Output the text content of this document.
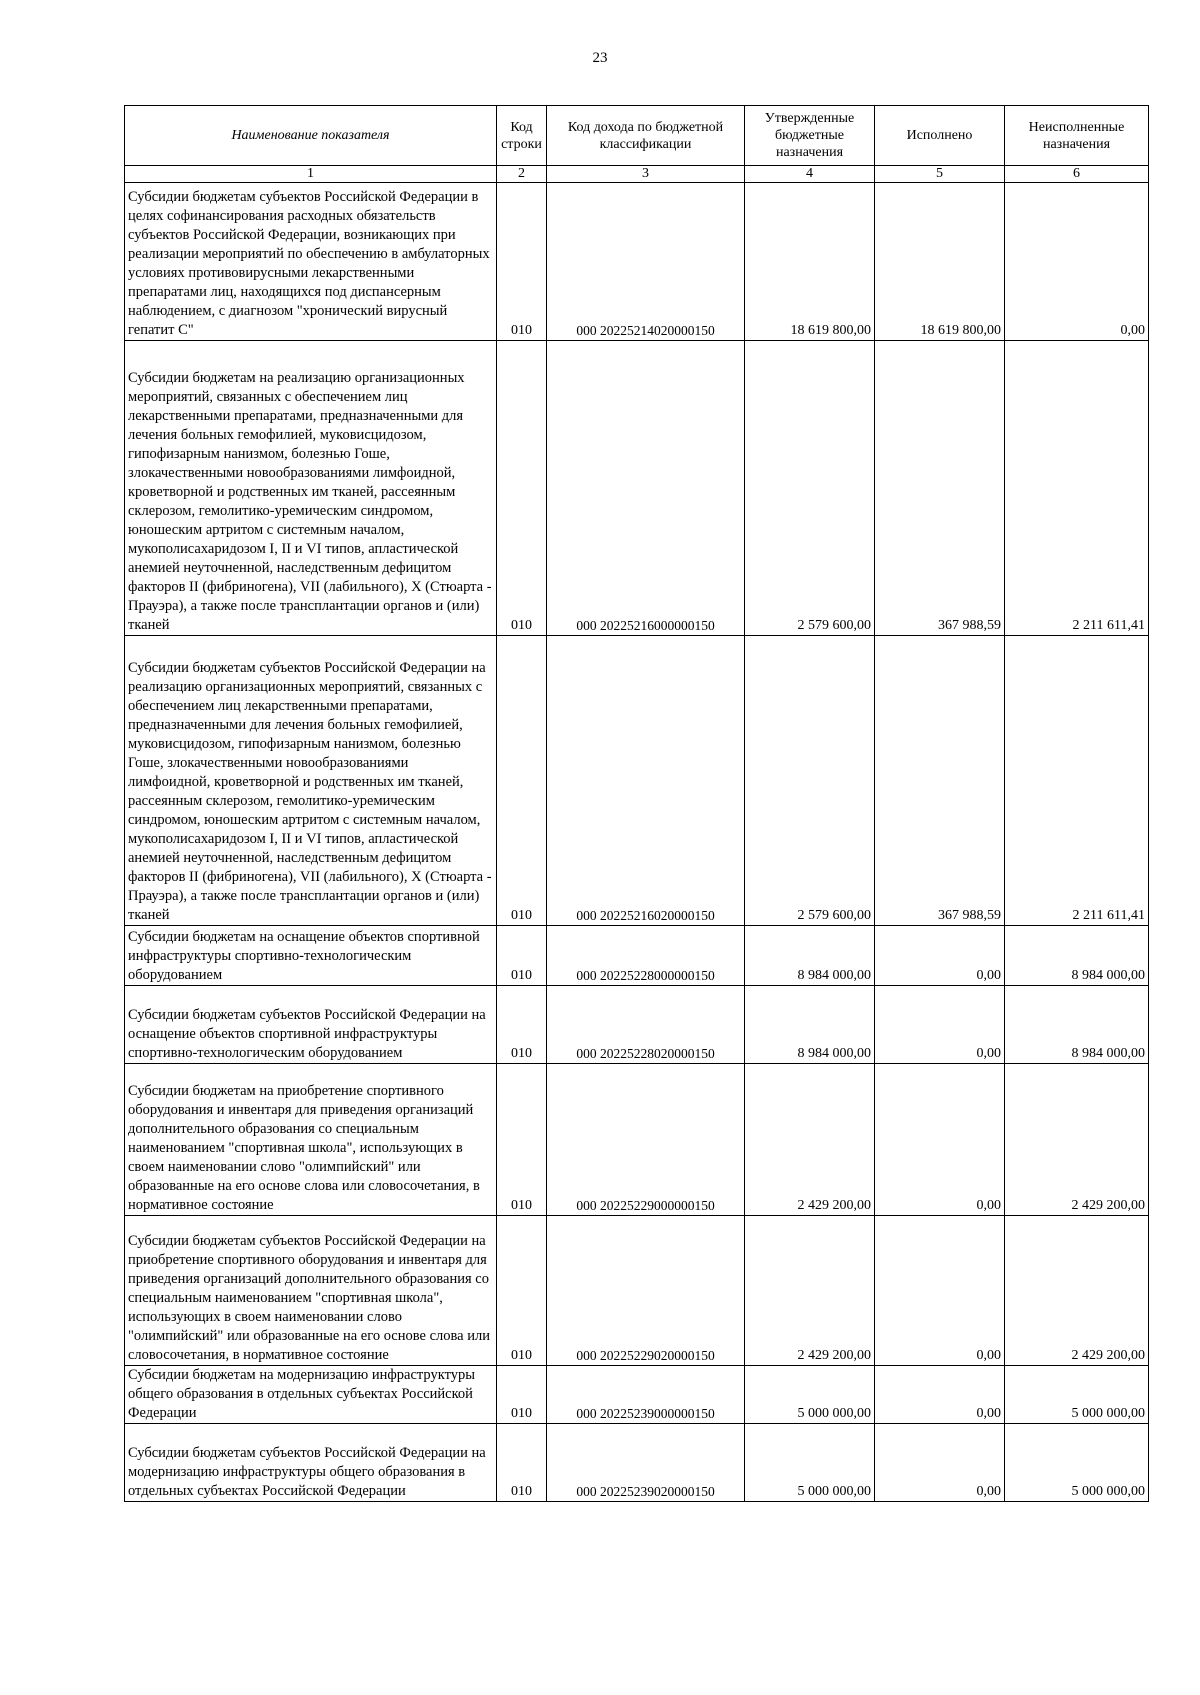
23
Наименование показателя	Код строки	Код дохода по бюджетной классификации	Утвержденные бюджетные назначения	Исполнено	Неисполненные назначения
1	2	3	4	5	6
Субсидии бюджетам субъектов Российской Федерации в целях софинансирования расходных обязательств субъектов Российской Федерации, возникающих при реализации мероприятий по обеспечению в амбулаторных условиях противовирусными лекарственными препаратами лиц, находящихся под диспансерным наблюдением, с диагнозом "хронический вирусный гепатит С"	010	000 20225214020000150	18 619 800,00	18 619 800,00	0,00
Субсидии бюджетам на реализацию организационных мероприятий, связанных с обеспечением лиц лекарственными препаратами, предназначенными для лечения больных гемофилией, муковисцидозом, гипофизарным нанизмом, болезнью Гоше, злокачественными новообразованиями лимфоидной, кроветворной и родственных им тканей, рассеянным склерозом, гемолитико-уремическим синдромом, юношеским артритом с системным началом, мукополисахаридозом I, II и VI типов, апластической анемией неуточненной, наследственным дефицитом факторов II (фибриногена), VII (лабильного), X (Стюарта - Прауэра), а также после трансплантации органов и (или) тканей	010	000 20225216000000150	2 579 600,00	367 988,59	2 211 611,41
Субсидии бюджетам субъектов Российской Федерации на реализацию организационных мероприятий, связанных с обеспечением лиц лекарственными препаратами, предназначенными для лечения больных гемофилией, муковисцидозом, гипофизарным нанизмом, болезнью Гоше, злокачественными новообразованиями лимфоидной, кроветворной и родственных им тканей, рассеянным склерозом, гемолитико-уремическим синдромом, юношеским артритом с системным началом, мукополисахаридозом I, II и VI типов, апластической анемией неуточненной, наследственным дефицитом факторов II (фибриногена), VII (лабильного), X (Стюарта - Прауэра), а также после трансплантации органов и (или) тканей	010	000 20225216020000150	2 579 600,00	367 988,59	2 211 611,41
Субсидии бюджетам на оснащение объектов спортивной инфраструктуры спортивно-технологическим оборудованием	010	000 20225228000000150	8 984 000,00	0,00	8 984 000,00
Субсидии бюджетам субъектов Российской Федерации на оснащение объектов спортивной инфраструктуры спортивно-технологическим оборудованием	010	000 20225228020000150	8 984 000,00	0,00	8 984 000,00
Субсидии бюджетам на приобретение спортивного оборудования и инвентаря для приведения организаций дополнительного образования со специальным наименованием "спортивная школа", использующих в своем наименовании слово "олимпийский" или образованные на его основе слова или словосочетания, в нормативное состояние	010	000 20225229000000150	2 429 200,00	0,00	2 429 200,00
Субсидии бюджетам субъектов Российской Федерации на приобретение спортивного оборудования и инвентаря для приведения организаций дополнительного образования со специальным наименованием "спортивная школа", использующих в своем наименовании слово "олимпийский" или образованные на его основе слова или словосочетания, в нормативное состояние	010	000 20225229020000150	2 429 200,00	0,00	2 429 200,00
Субсидии бюджетам на модернизацию инфраструктуры общего образования в отдельных субъектах Российской Федерации	010	000 20225239000000150	5 000 000,00	0,00	5 000 000,00
Субсидии бюджетам субъектов Российской Федерации на модернизацию инфраструктуры общего образования в отдельных субъектах Российской Федерации	010	000 20225239020000150	5 000 000,00	0,00	5 000 000,00
